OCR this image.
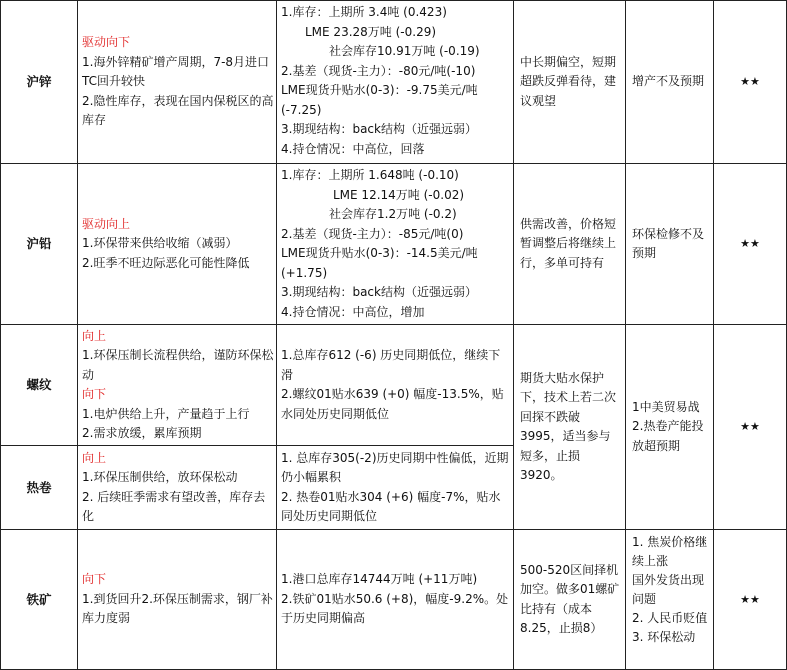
沪锌

驱动向下

1.海外锌精矿增产周期，7-8月进口TC回升较快

2.隐性库存，表现在国内保税区的高库存

1.库存：上期所 3.4吨 (0.423)

LME 23.28万吨 (-0.29)

社会库存10.91万吨 (-0.19)

2.基差（现货-主力）：-80元/吨(-10)

LME现货升贴水(0-3)：-9.75美元/吨

(-7.25)

3.期现结构：back结构（近强远弱）

4.持仓情况：中高位，回落

中长期偏空，短期超跌反弹看待，建议观望

增产不及预期	★★
沪铅

驱动向上

1.环保带来供给收缩（减弱）

2.旺季不旺边际恶化可能性降低

1.库存：上期所 1.648吨 (-0.10)

LME 12.14万吨 (-0.02)

社会库存1.2万吨 (-0.2)

2.基差（现货-主力）：-85元/吨(0)

LME现货升贴水(0-3)：-14.5美元/吨

(+1.75)

3.期现结构：back结构（近强远弱）

4.持仓情况：中高位，增加

供需改善，价格短暂调整后将继续上行，多单可持有

环保检修不及预期

★★
螺纹

向上

1.环保压制长流程供给，谨防环保松动

向下

1.电炉供给上升，产量趋于上行

2.需求放缓，累库预期

1.总库存612 (-6) 历史同期低位，继续下滑

2.螺纹01贴水639 (+0) 幅度-13.5%，贴水同处历史同期低位

热卷

向上

1.环保压制供给，放环保松动

2. 后续旺季需求有望改善，库存去化

1. 总库存305(-2)历史同期中性偏低，近期仍小幅累积

2. 热卷01贴水304 (+6) 幅度-7%，贴水同处历史同期低位

期货大贴水保护下，技术上若二次回探不跌破3995，适当参与短多，止损3920。

1中美贸易战

2.热卷产能投放超预期

★★
铁矿

向下

1.到货回升2.环保压制需求，钢厂补库力度弱

1.港口总库存14744万吨 (+11万吨)

2.铁矿01贴水50.6 (+8)，幅度-9.2%。处于历史同期偏高

500-520区间择机加空。做多01螺矿比持有（成本8.25，止损8）

1. 焦炭价格继续上涨

国外发货出现问题

2. 人民币贬值

3. 环保松动

★★
